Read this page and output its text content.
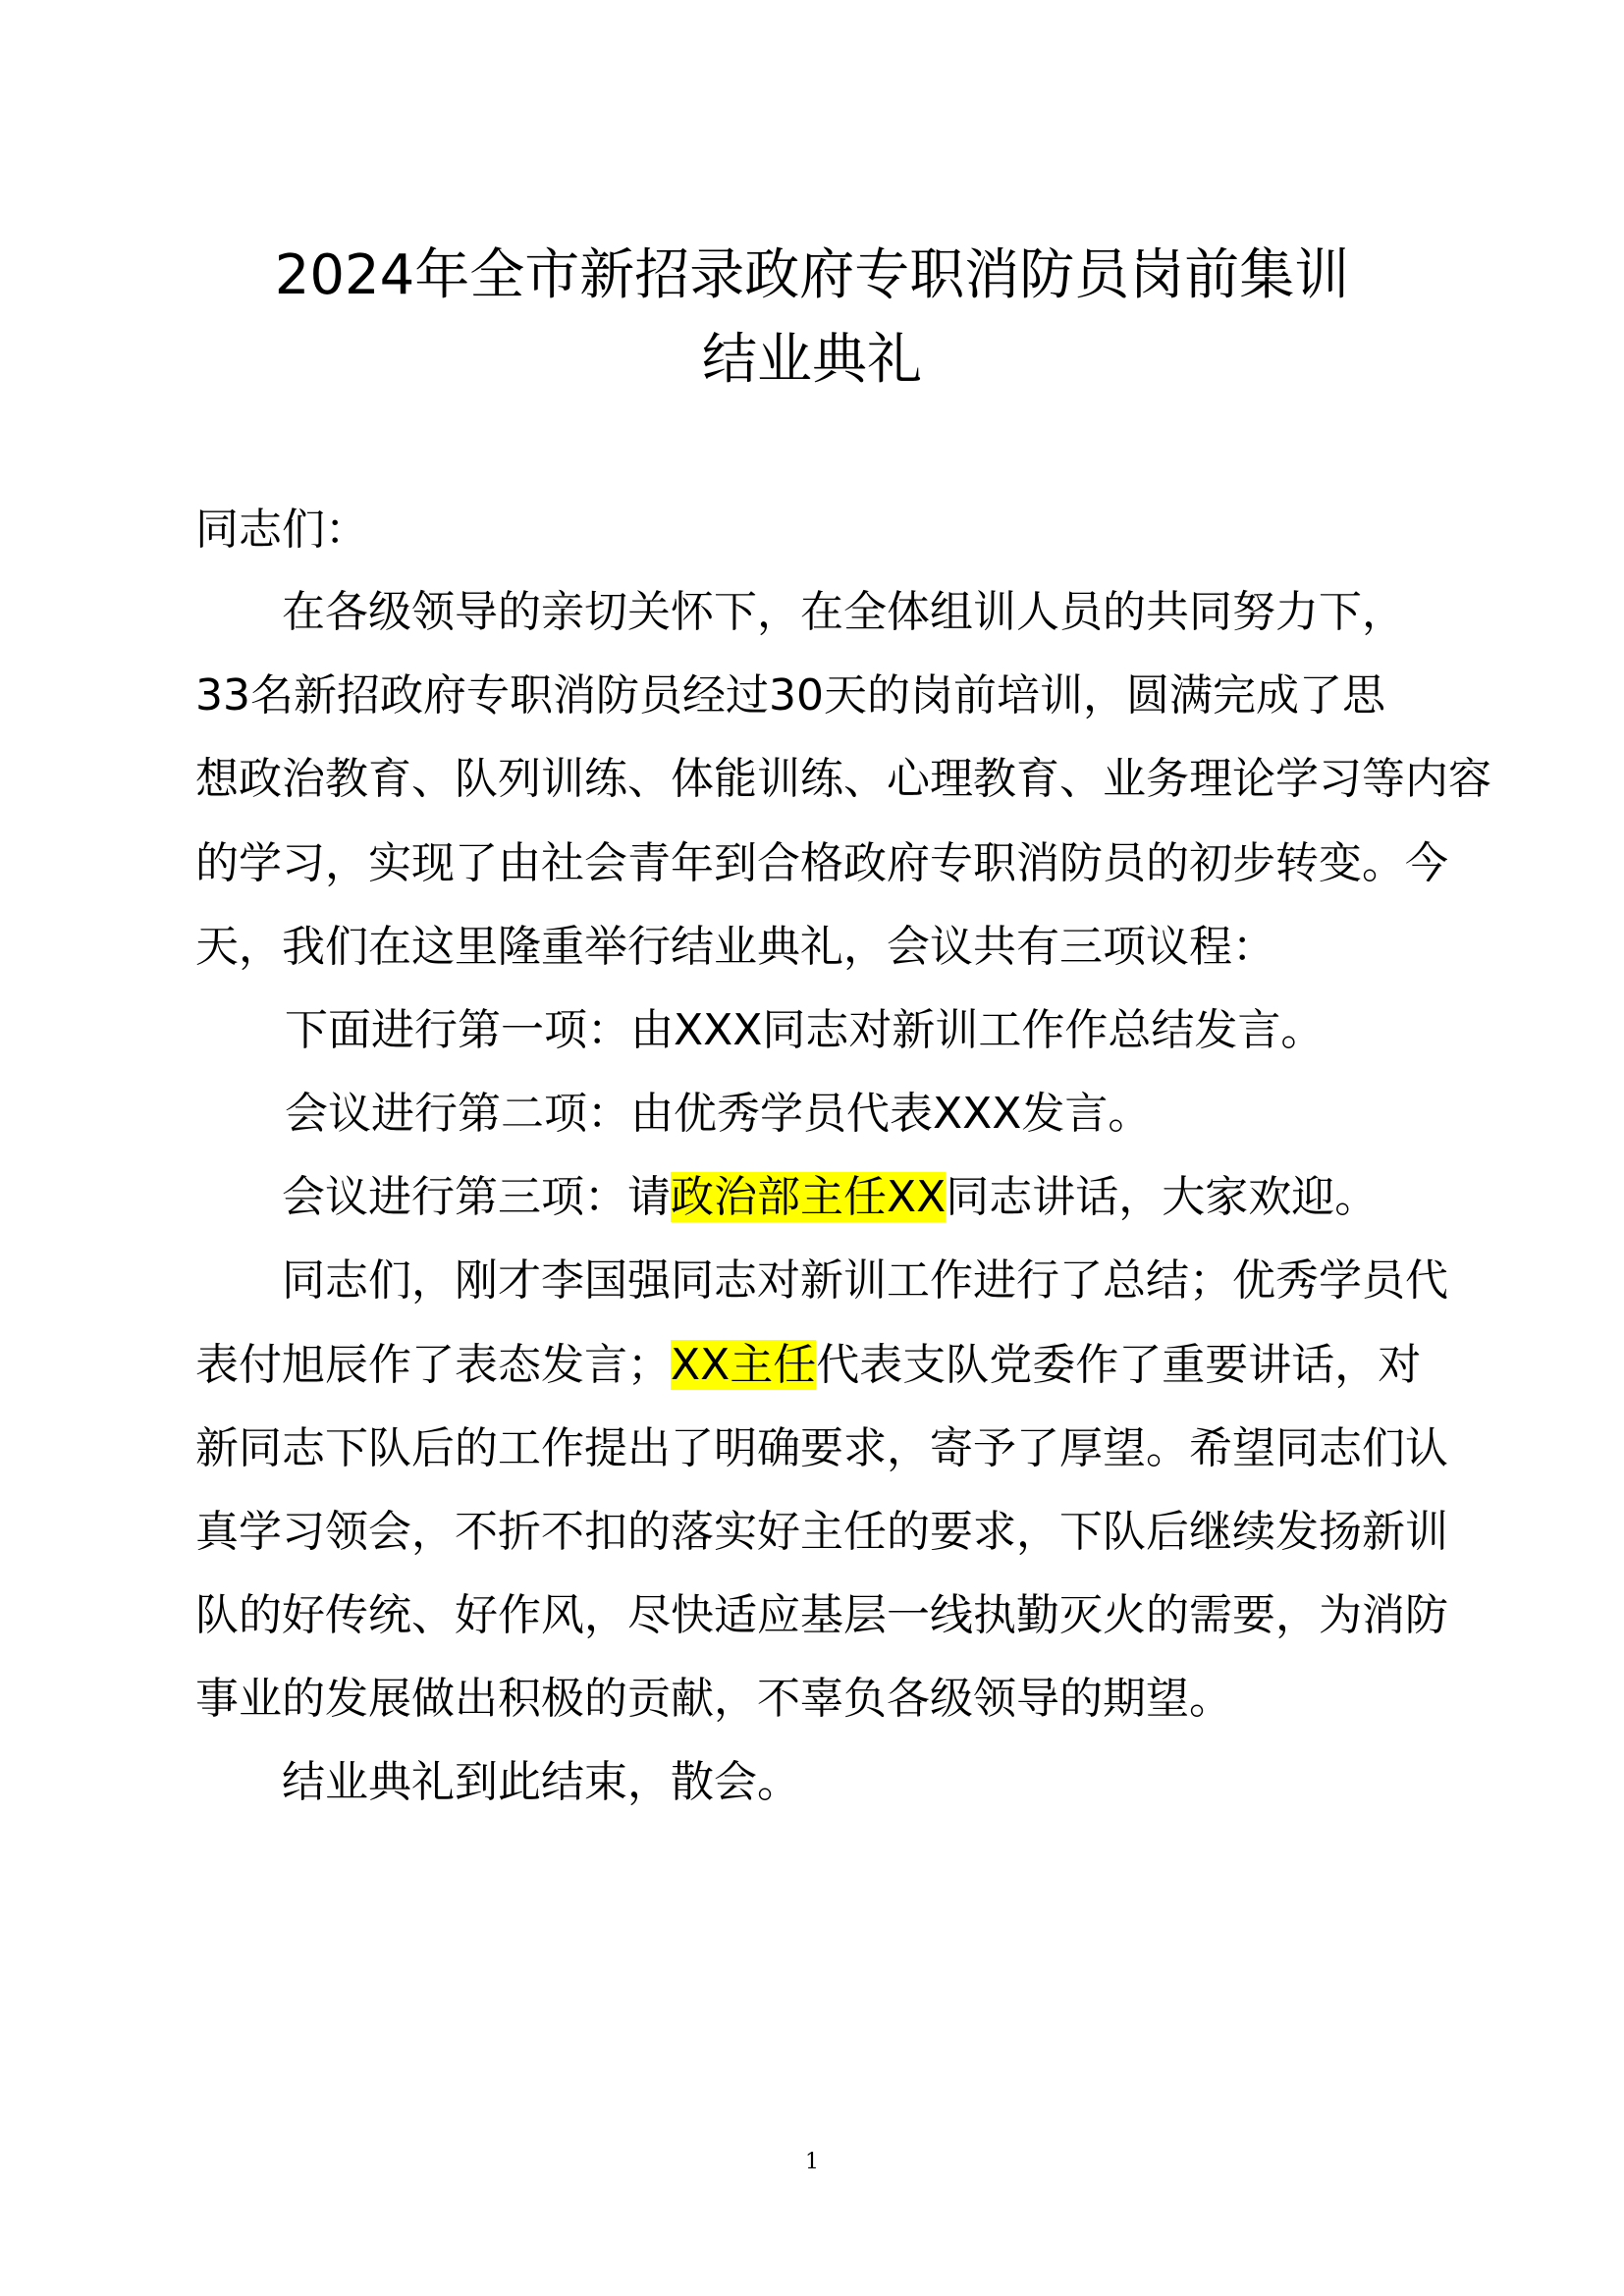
2024年全市新招录政府专职消防员岗前集训
结业典礼
同志们：
在各级领导的亲切关怀下，在全体组训人员的共同努力下，
33名新招政府专职消防员经过30天的岗前培训，圆满完成了思
想政治教育、队列训练、体能训练、心理教育、业务理论学习等内容
的学习，实现了由社会青年到合格政府专职消防员的初步转变。今
天，我们在这里隆重举行结业典礼，会议共有三项议程：
下面进行第一项：由XXX同志对新训工作作总结发言。
会议进行第二项：由优秀学员代表XXX发言。
会议进行第三项：请政治部主任XX同志讲话，大家欢迎。
同志们，刚才李国强同志对新训工作进行了总结；优秀学员代
表付旭辰作了表态发言；XX主任代表支队党委作了重要讲话，对
新同志下队后的工作提出了明确要求，寄予了厚望。希望同志们认
真学习领会，不折不扣的落实好主任的要求，下队后继续发扬新训
队的好传统、好作风，尽快适应基层一线执勤灭火的需要，为消防
事业的发展做出积极的贡献，不辜负各级领导的期望。
结业典礼到此结束，散会。
1
